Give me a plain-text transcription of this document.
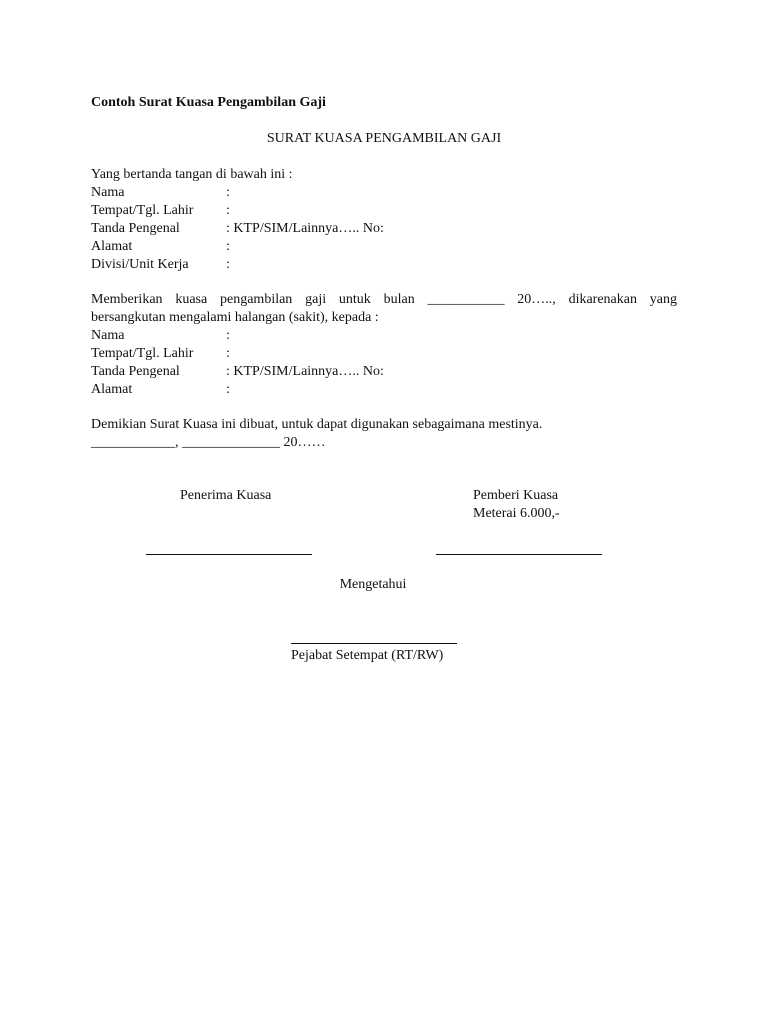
Contoh Surat Kuasa Pengambilan Gaji
SURAT KUASA PENGAMBILAN GAJI
Yang bertanda tangan di bawah ini :
Nama	:
Tempat/Tgl. Lahir	:
Tanda Pengenal	: KTP/SIM/Lainnya….. No:
Alamat	:
Divisi/Unit Kerja	:
Memberikan kuasa pengambilan gaji untuk bulan ___________ 20….., dikarenakan yang
bersangkutan mengalami halangan (sakit), kepada :
Nama	:
Tempat/Tgl. Lahir	:
Tanda Pengenal	: KTP/SIM/Lainnya….. No:
Alamat	:
Demikian Surat Kuasa ini dibuat, untuk dapat digunakan sebagaimana mestinya.
____________, ______________ 20……
Penerima Kuasa	Pemberi Kuasa
Meterai 6.000,-
Mengetahui
Pejabat Setempat (RT/RW)
